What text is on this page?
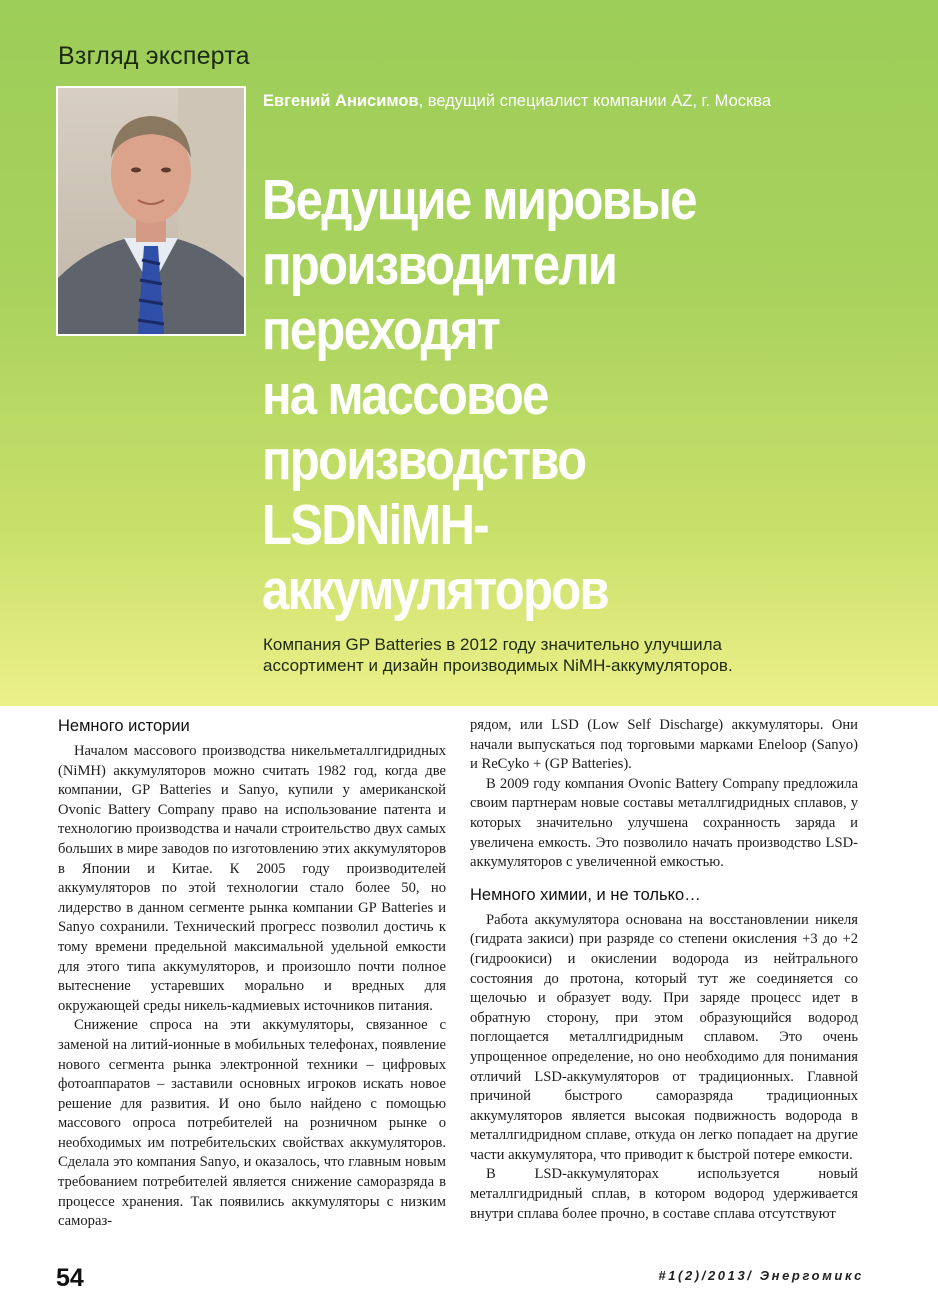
Взгляд эксперта
Евгений Анисимов, ведущий специалист компании AZ, г. Москва
Ведущие мировые
производители
переходят
на массовое
производство
LSDNiMH-
аккумуляторов
Компания GP Batteries в 2012 году значительно улучшила
ассортимент и дизайн производимых NiMH-аккумуляторов.
Немного истории

Началом массового производства никельметаллгидридных (NiMH) аккумуляторов можно считать 1982 год, когда две компании, GP Batteries и Sanyo, купили у американской Ovonic Battery Company право на использование патента и технологию производства и начали строительство двух самых больших в мире заводов по изготовлению этих аккумуляторов в Японии и Китае. К 2005 году производителей аккумуляторов по этой технологии стало более 50, но лидерство в данном сегменте рынка компании GP Batteries и Sanyo сохранили. Технический прогресс позволил достичь к тому времени предельной максимальной удельной емкости для этого типа аккумуляторов, и произошло почти полное вытеснение устаревших морально и вредных для окружающей среды никель-кадмиевых источников питания.

Снижение спроса на эти аккумуляторы, связанное с заменой на литий-ионные в мобильных телефонах, появление нового сегмента рынка электронной техники – цифровых фотоаппаратов – заставили основных игроков искать новое решение для развития. И оно было найдено с помощью массового опроса потребителей на розничном рынке о необходимых им потребительских свойствах аккумуляторов. Сделала это компания Sanyo, и оказалось, что главным новым требованием потребителей является снижение саморазряда в процессе хранения. Так появились аккумуляторы с низким самораз-

рядом, или LSD (Low Self Discharge) аккумуляторы. Они начали выпускаться под торговыми марками Eneloop (Sanyo) и ReCyko + (GP Batteries).

В 2009 году компания Ovonic Battery Company предложила своим партнерам новые составы металлгидридных сплавов, у которых значительно улучшена сохранность заряда и увеличена емкость. Это позволило начать производство LSD-аккумуляторов с увеличенной емкостью.

Немного химии, и не только…

Работа аккумулятора основана на восстановлении никеля (гидрата закиси) при разряде со степени окисления +3 до +2 (гидроокиси) и окислении водорода из нейтрального состояния до протона, который тут же соединяется со щелочью и образует воду. При заряде процесс идет в обратную сторону, при этом образующийся водород поглощается металлгидридным сплавом. Это очень упрощенное определение, но оно необходимо для понимания отличий LSD-аккумуляторов от традиционных. Главной причиной быстрого саморазряда традиционных аккумуляторов является высокая подвижность водорода в металлгидридном сплаве, откуда он легко попадает на другие части аккумулятора, что приводит к быстрой потере емкости.

В LSD-аккумуляторах используется новый металлгидридный сплав, в котором водород удерживается внутри сплава более прочно, в составе сплава отсутствуют

54	#1(2)/2013/ Энергомикс
